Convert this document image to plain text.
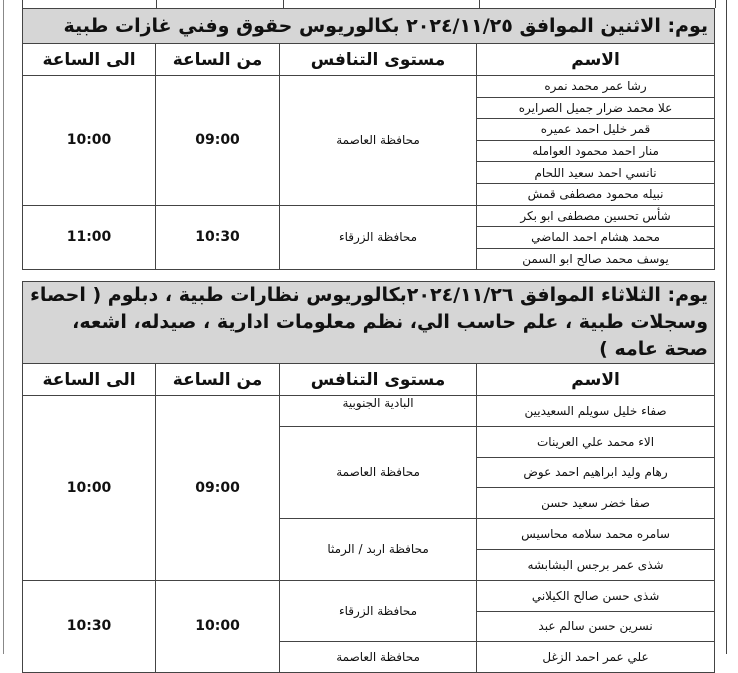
يوم: الاثنين الموافق ٢٠٢٤/١١/٢٥ بكالوريوس حقوق وفني غازات طبية			
الاسم	مستوى التنافس	من الساعة	الى الساعة
رشا عمر محمد نمره	محافظة العاصمة	09:00	10:00
علا محمد ضرار جميل الصرايره			
قمر خليل احمد عميره			
منار احمد محمود العوامله			
نانسي احمد سعيد اللحام			
نبيله محمود مصطفى قمش			
شأس تحسين مصطفى ابو بكر	محافظة الزرقاء	10:30	11:00
محمد هشام احمد الماضي			
يوسف محمد صالح ابو السمن			
يوم: الثلاثاء الموافق ٢٠٢٤/١١/٢٦بكالوريوس نظارات طبية ، دبلوم ( احصاء وسجلات طبية ، علم حاسب الي، نظم معلومات ادارية ، صيدله، اشعه، صحة عامه )			
الاسم	مستوى التنافس	من الساعة	الى الساعة
صفاء خليل سويلم السعيديين	البادية الجنوبية	09:00	10:00
الاء محمد علي العرينات	محافظة العاصمة		
رهام وليد ابراهيم احمد عوض			
صفا خضر سعيد حسن			
سامره محمد سلامه محاسيس	محافظة اربد / الرمثا		
شذى عمر برجس البشابشه			
شذى حسن صالح الكيلاني	محافظة الزرقاء	10:00	10:30
نسرين حسن سالم عبد			
علي عمر احمد الزغل	محافظة العاصمة		
